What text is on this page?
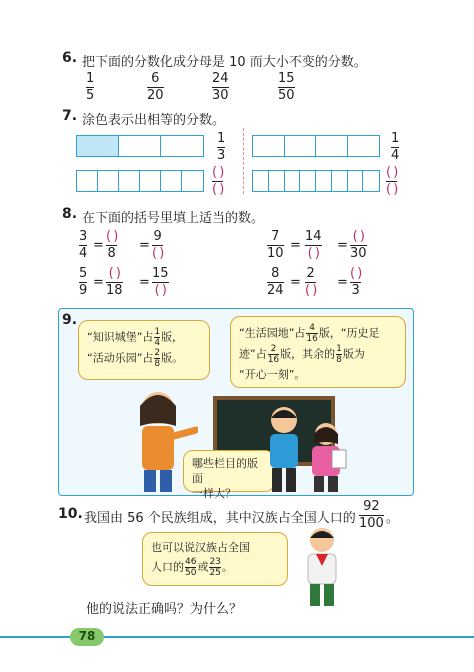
6. 把下面的分数化成分母是 10 而大小不变的分数。
1
5
6
20
24
30
15
50
7. 涂色表示出相等的分数。
1
3
( )
( )
1
4
( )
( )
8. 在下面的括号里填上适当的数。
3
4
=
( )
8
=
9
( )
7
10
=
14
( )
=
( )
30
5
9
=
( )
18
=
15
( )
8
24
=
2
( )
=
( )
3
9.
“知识城堡”占 $\frac{1}{4}$ 版，
“活动乐园”占 $\frac{2}{8}$ 版。
“生活园地”占 $\frac{4}{16}$ 版，“历史足
迹”占 $\frac{2}{16}$ 版，其余的 $\frac{1}{8}$ 版为
“开心一刻”。
哪些栏目的版面
一样大？
10. 我国由 56 个民族组成，其中汉族占全国人口的
92
100 。
也可以说汉族占全国
人口的 $\frac{46}{50}$ 或 $\frac{23}{25}$ 。
他的说法正确吗？为什么？
78
